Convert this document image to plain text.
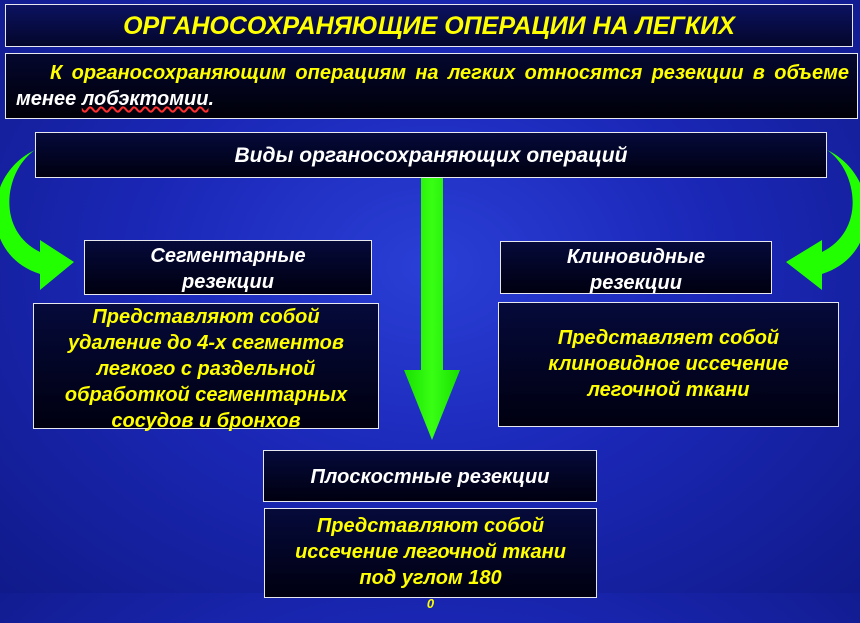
ОРГАНОСОХРАНЯЮЩИЕ ОПЕРАЦИИ НА ЛЕГКИХ
К органосохраняющим операциям на легких относятся резекции в объеме менее лобэктомии.
Виды органосохраняющих операций
Сегментарные
резекции
Представляют собой
удаление до 4-х сегментов
легкого с раздельной
обработкой сегментарных
сосудов и бронхов
Клиновидные
резекции
Представляет собой
клиновидное иссечение
легочной ткани
Плоскостные резекции
Представляют собой
иссечение легочной ткани
под углом 180
$^0$
